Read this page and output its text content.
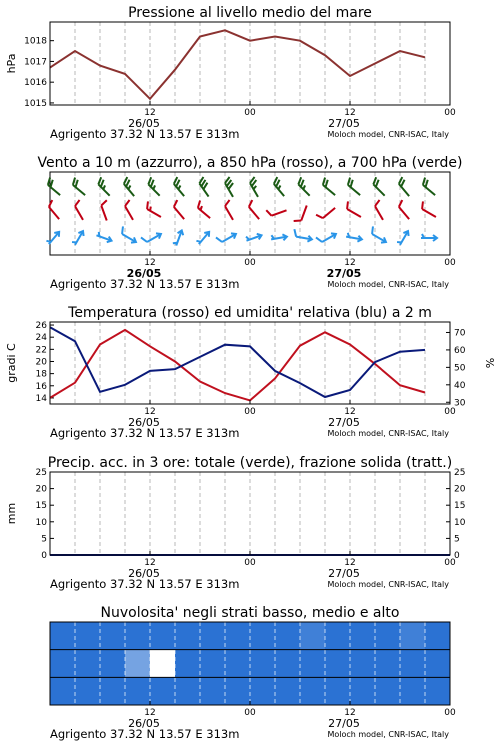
Pressione al livello medio del mare
1015
1016
1017
1018
hPa
12	00	12	00
26/05	27/05
Agrigento 37.32 N 13.57 E 313m	Moloch model, CNR-ISAC, Italy
Vento a 10 m (azzurro), a 850 hPa (rosso), a 700 hPa (verde)
12	00	12	00
26/05	27/05
Agrigento 37.32 N 13.57 E 313m	Moloch model, CNR-ISAC, Italy
Temperatura (rosso) ed umidita' relativa (blu) a 2 m
14
16
18
20
22
24
26
30
40
50
60
70
gradi C	%
12	00	12	00
26/05	27/05
Agrigento 37.32 N 13.57 E 313m	Moloch model, CNR-ISAC, Italy
Precip. acc. in 3 ore: totale (verde), frazione solida (tratt.)
0
5
10
15
20
25
0
5
10
15
20
25
mm
12	00	12	00
26/05	27/05
Agrigento 37.32 N 13.57 E 313m	Moloch model, CNR-ISAC, Italy
Nuvolosita' negli strati basso, medio e alto
12	00	12	00
26/05	27/05
Agrigento 37.32 N 13.57 E 313m	Moloch model, CNR-ISAC, Italy
